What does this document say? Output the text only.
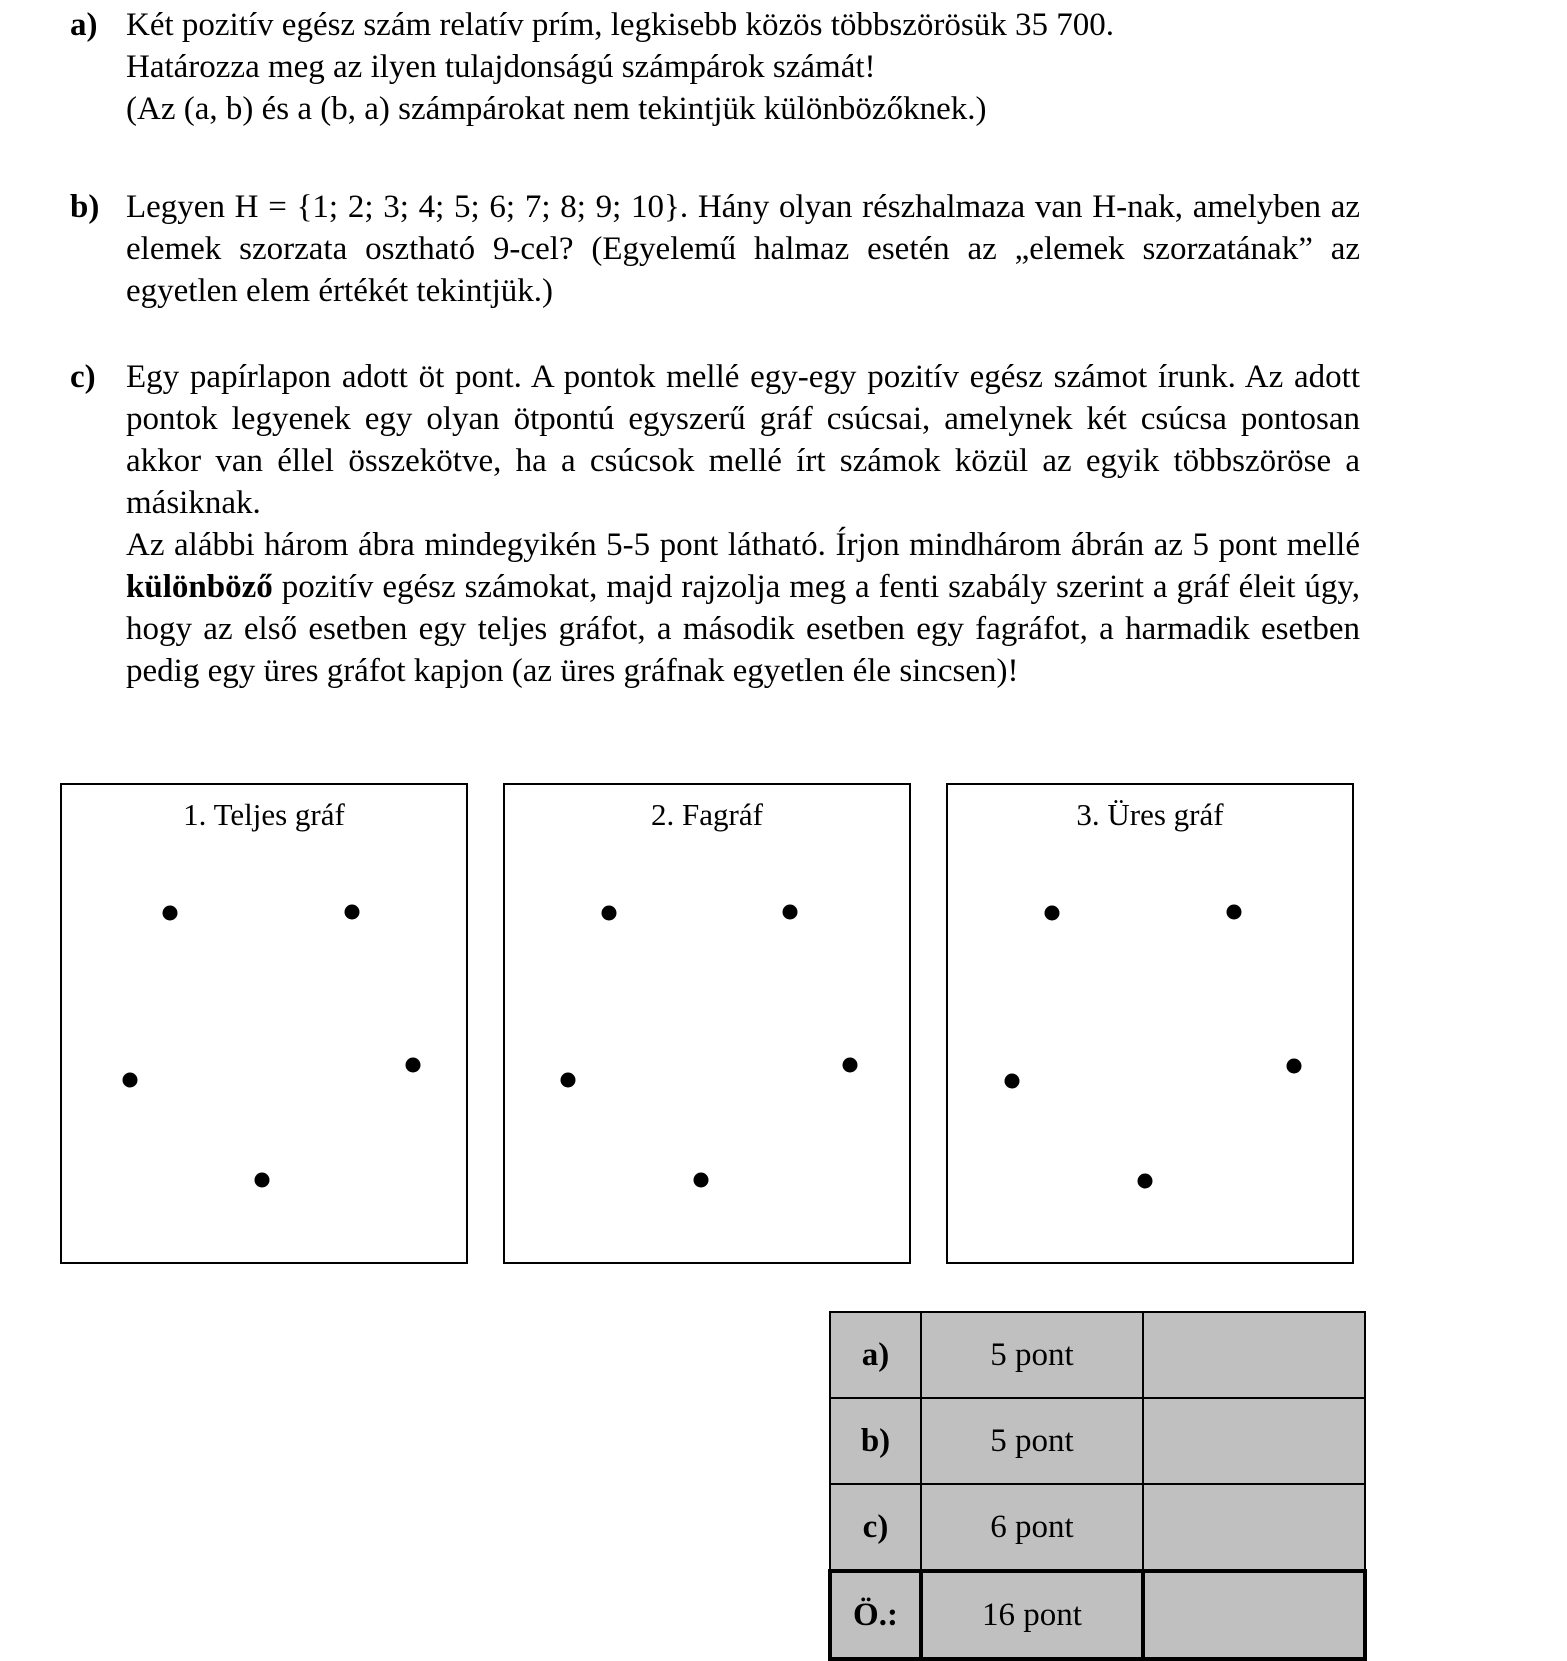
a) Két pozitív egész szám relatív prím, legkisebb közös többszörösük 35 700.

Határozza meg az ilyen tulajdonságú számpárok számát!

(Az (a, b) és a (b, a) számpárokat nem tekintjük különbözőknek.)

b) Legyen H = {1; 2; 3; 4; 5; 6; 7; 8; 9; 10}. Hány olyan részhalmaza van H-nak, amelyben az elemek szorzata osztható 9-cel? (Egyelemű halmaz esetén az „elemek szorzatának” az egyetlen elem értékét tekintjük.)

c) Egy papírlapon adott öt pont. A pontok mellé egy-egy pozitív egész számot írunk. Az adott pontok legyenek egy olyan ötpontú egyszerű gráf csúcsai, amelynek két csúcsa pontosan akkor van éllel összekötve, ha a csúcsok mellé írt számok közül az egyik többszöröse a másiknak.

Az alábbi három ábra mindegyikén 5-5 pont látható. Írjon mindhárom ábrán az 5 pont mellé különböző pozitív egész számokat, majd rajzolja meg a fenti szabály szerint a gráf éleit úgy, hogy az első esetben egy teljes gráfot, a második esetben egy fagráfot, a harmadik esetben pedig egy üres gráfot kapjon (az üres gráfnak egyetlen éle sincsen)!

1. Teljes gráf	2. Fagráf	3. Üres gráf
a)	5 pont	
b)	5 pont	
c)	6 pont	
Ö.:	16 pont	
